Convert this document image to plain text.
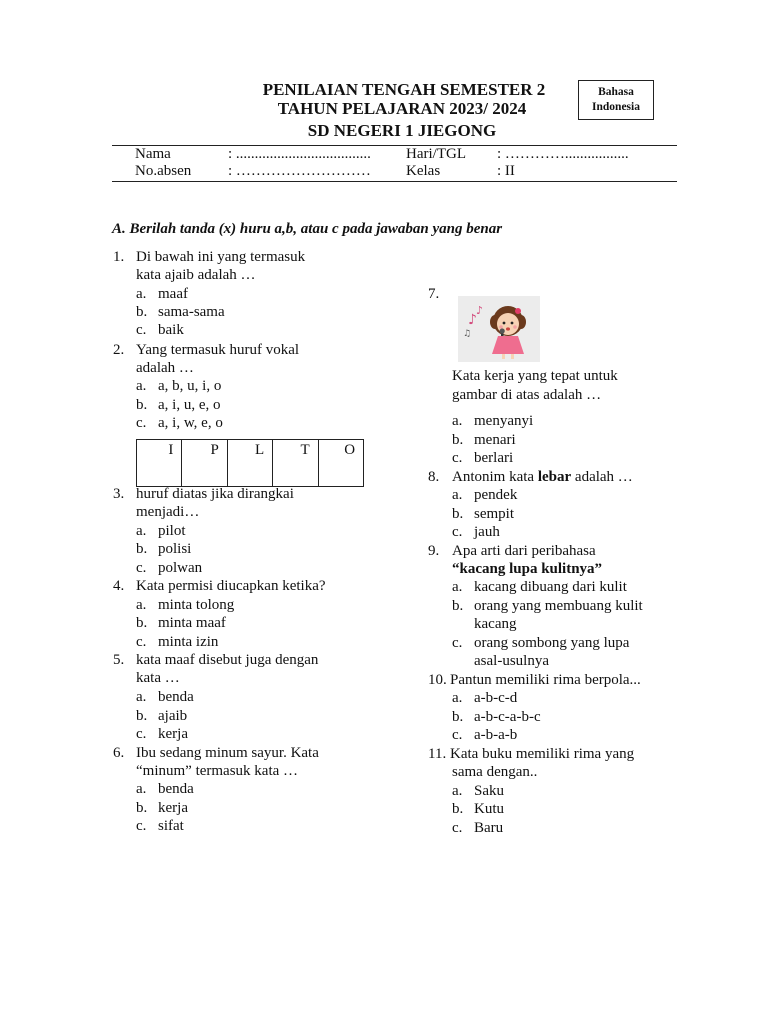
PENILAIAN TENGAH SEMESTER 2
TAHUN PELAJARAN 2023/ 2024
SD NEGERI 1 JIEGONG
Bahasa Indonesia
Nama	: .................................... Hari/TGL : ………….................
No.absen : ……………………… Kelas	: II
A. Berilah tanda (x) huru a,b, atau c pada jawaban yang benar
1. Di bawah ini yang termasuk
kata ajaib adalah …
a. maaf
b. sama-sama
c. baik
2. Yang termasuk huruf vokal
adalah …
a. a, b, u, i, o
b. a, i, u, e, o
c. a, i, w, e, o
I	P	L	T	O
3. huruf diatas jika dirangkai
menjadi…
a. pilot
b. polisi
c. polwan
4. Kata permisi diucapkan ketika?
a. minta tolong
b. minta maaf
c. minta izin
5. kata maaf disebut juga dengan
kata …
a. benda
b. ajaib
c. kerja
6. Ibu sedang minum sayur. Kata
“minum” termasuk kata …
a. benda
b. kerja
c. sifat
7.
♪
♪
♫
Kata kerja yang tepat untuk
gambar di atas adalah …
a. menyanyi
b. menari
c. berlari
8. Antonim kata lebar adalah …
a. pendek
b. sempit
c. jauh
9. Apa arti dari peribahasa
“kacang lupa kulitnya”
a. kacang dibuang dari kulit
b. orang yang membuang kulit
kacang
c. orang sombong yang lupa
asal-usulnya
10. Pantun memiliki rima berpola...
a. a-b-c-d
b. a-b-c-a-b-c
c. a-b-a-b
11. Kata buku memiliki rima yang
sama dengan..
a. Saku
b. Kutu
c. Baru
